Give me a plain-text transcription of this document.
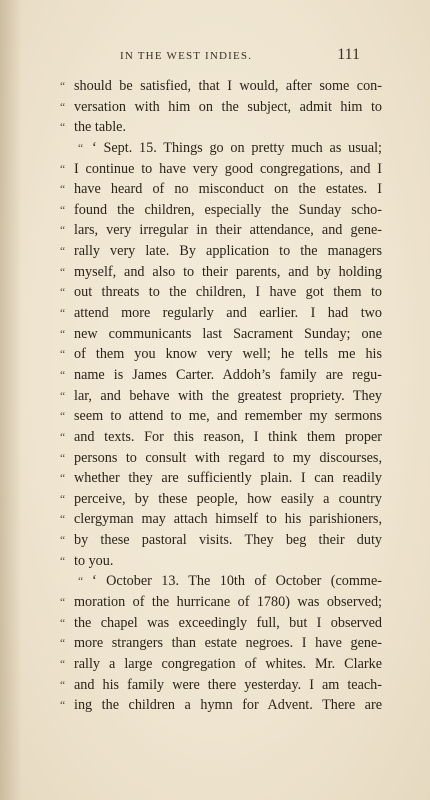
IN THE WEST INDIES.	111
“ should be satisfied, that I would, after some con-
“ versation with him on the subject, admit him to
“ the table.
“ ‘ Sept. 15. Things go on pretty much as usual;
“ I continue to have very good congregations, and I
“ have heard of no misconduct on the estates. I
“ found the children, especially the Sunday scho-
“ lars, very irregular in their attendance, and gene-
“ rally very late. By application to the managers
“ myself, and also to their parents, and by holding
“ out threats to the children, I have got them to
“ attend more regularly and earlier. I had two
“ new communicants last Sacrament Sunday; one
“ of them you know very well; he tells me his
“ name is James Carter. Addoh’s family are regu-
“ lar, and behave with the greatest propriety. They
“ seem to attend to me, and remember my sermons
“ and texts. For this reason, I think them proper
“ persons to consult with regard to my discourses,
“ whether they are sufficiently plain. I can readily
“ perceive, by these people, how easily a country
“ clergyman may attach himself to his parishioners,
“ by these pastoral visits. They beg their duty
“ to you.
“ ‘ October 13. The 10th of October (comme-
“ moration of the hurricane of 1780) was observed;
“ the chapel was exceedingly full, but I observed
“ more strangers than estate negroes. I have gene-
“ rally a large congregation of whites. Mr. Clarke
“ and his family were there yesterday. I am teach-
“ ing the children a hymn for Advent. There are
